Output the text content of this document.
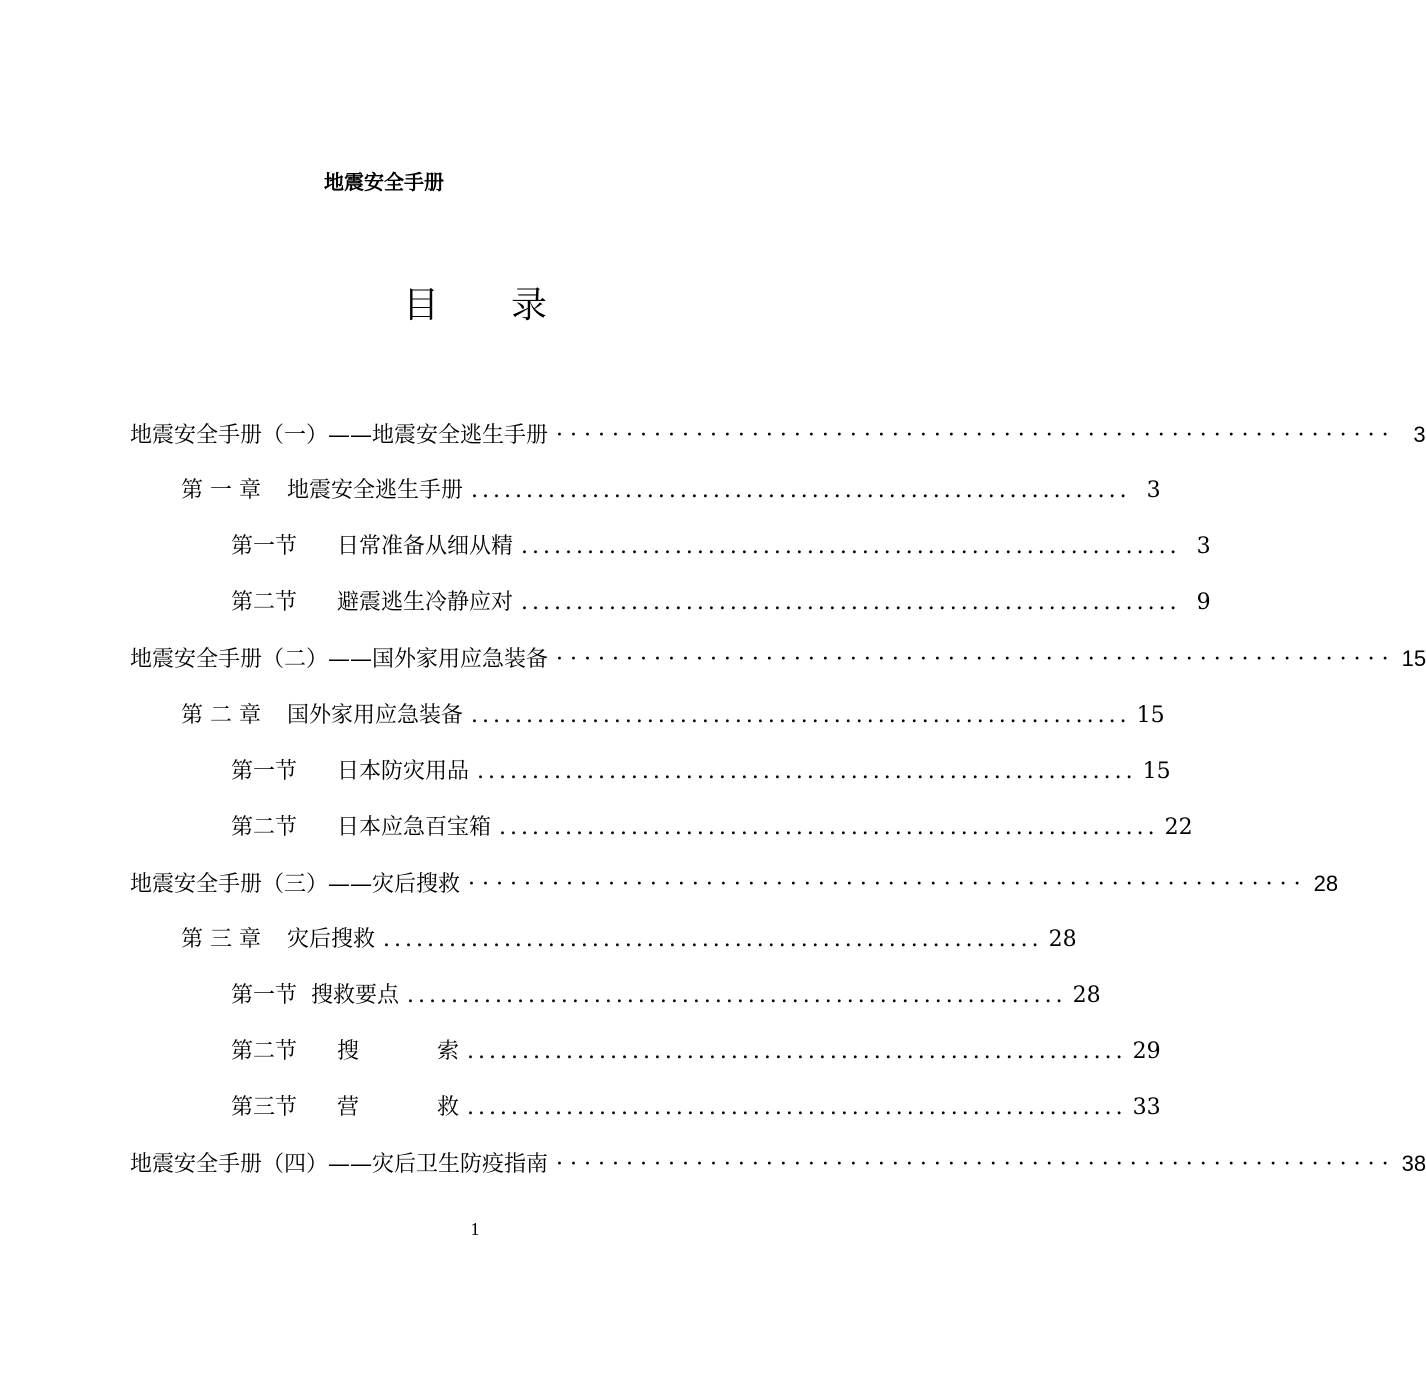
地震安全手册
目 录
地震安全手册（一）——地震安全逃生手册 ···························································· 3
第 一 章 地震安全逃生手册 ............................................................ 3
第一节 日常准备从细从精 ............................................................ 3
第二节 避震逃生冷静应对 ............................................................ 9
地震安全手册（二）——国外家用应急装备 ···························································· 15
第 二 章 国外家用应急装备 ............................................................ 15
第一节 日本防灾用品 ............................................................ 15
第二节 日本应急百宝箱 ............................................................ 22
地震安全手册（三）——灾后搜救 ···························································· 28
第 三 章 灾后搜救 ............................................................ 28
第一节 搜救要点 ............................................................ 28
第二节 搜	索 ............................................................ 29
第三节 营	救 ............................................................ 33
地震安全手册（四）——灾后卫生防疫指南 ···························································· 38
1
